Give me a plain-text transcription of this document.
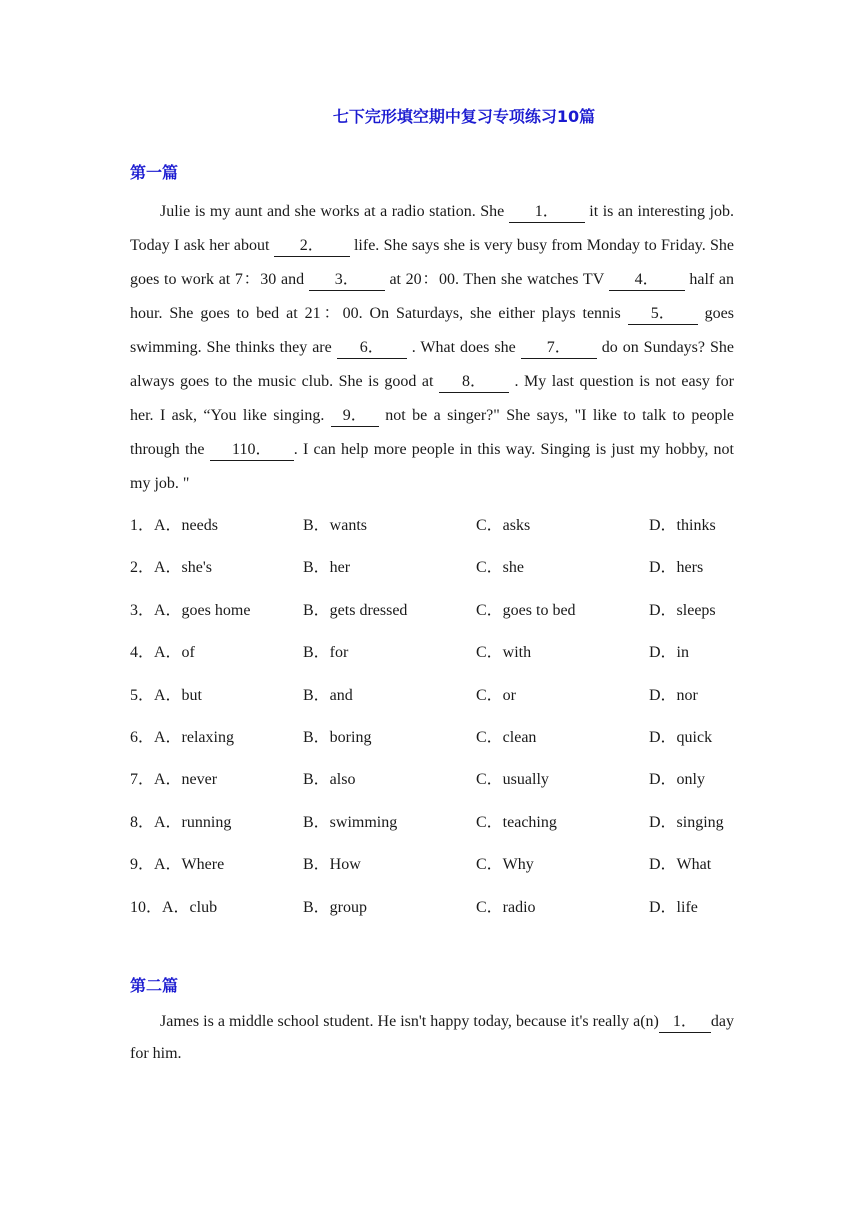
七下完形填空期中复习专项练习10篇
第一篇

Julie is my aunt and she works at a radio station. She 1． it is an interesting job. Today I ask her about 2． life. She says she is very busy from Monday to Friday. She goes to work at 7：30 and 3． at 20：00. Then she watches TV 4． half an hour. She goes to bed at 21：00. On Saturdays, she either plays tennis 5． goes swimming. She thinks they are 6． . What does she 7． do on Sundays? She always goes to the music club. She is good at 8． . My last question is not easy for her. I ask, “You like singing. 9． not be a singer?" She says, "I like to talk to people through the 110． . I can help more people in this way. Singing is just my hobby, not my job. "

1．A．needs	B．wants	C．asks	D．thinks
2．A．she's	B．her	C．she	D．hers
3．A．goes home	B．gets dressed	C．goes to bed	D．sleeps
4．A．of	B．for	C．with	D．in
5．A．but	B．and	C．or	D．nor
6．A．relaxing	B．boring	C．clean	D．quick
7．A．never	B．also	C．usually	D．only
8．A．running	B．swimming	C．teaching	D．singing
9．A．Where	B．How	C．Why	D．What
10．A．club	B．group	C．radio	D．life
第二篇

James is a middle school student. He isn't happy today, because it's really a(n) 1． day for him.
